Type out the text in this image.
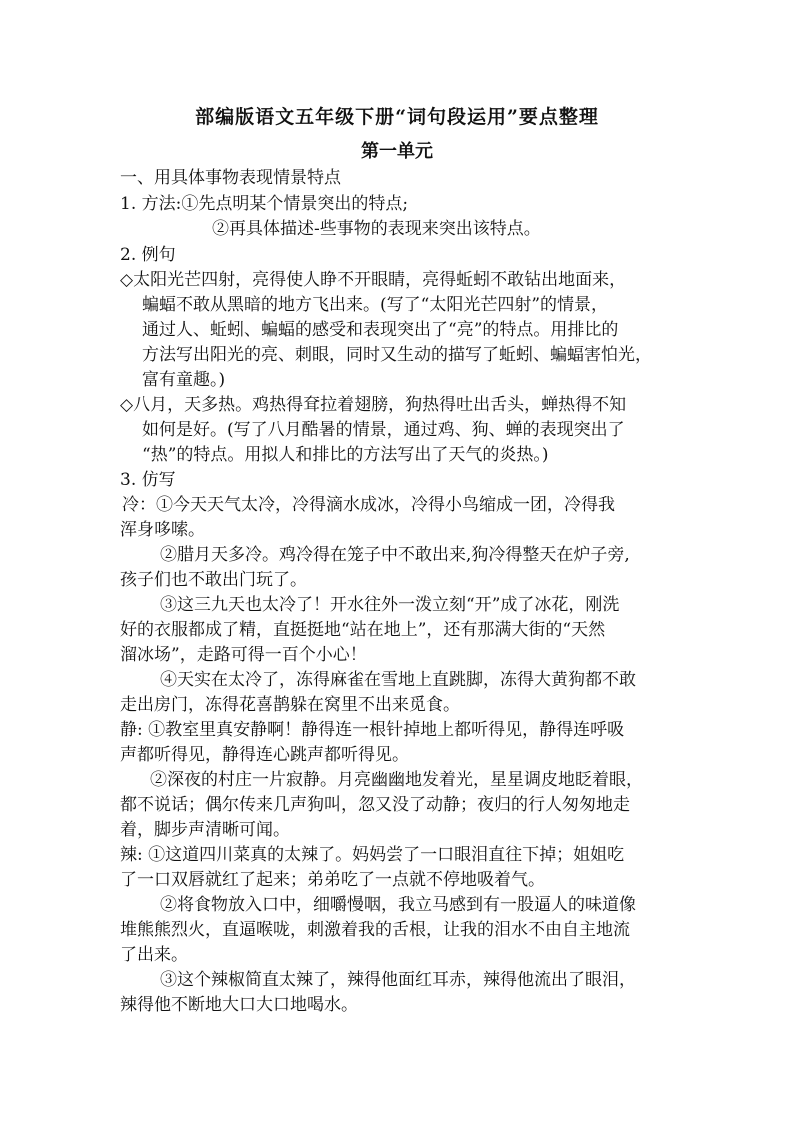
部编版语文五年级下册“词句段运用”要点整理
第一单元
一、用具体事物表现情景特点
1. 方法:①先点明某个情景突出的特点;
②再具体描述-些事物的表现来突出该特点。
2. 例句
◇太阳光芒四射，亮得使人睁不开眼睛，亮得蚯蚓不敢钻出地面来，
蝙蝠不敢从黑暗的地方飞出来。(写了“太阳光芒四射”的情景，
通过人、蚯蚓、蝙蝠的感受和表现突出了“亮”的特点。用排比的
方法写出阳光的亮、刺眼，同时又生动的描写了蚯蚓、蝙蝠害怕光，
富有童趣。)
◇八月，天多热。鸡热得耷拉着翅膀，狗热得吐出舌头，蝉热得不知
如何是好。(写了八月酷暑的情景，通过鸡、狗、蝉的表现突出了
“热”的特点。用拟人和排比的方法写出了天气的炎热。)
3. 仿写
冷：①今天天气太冷，冷得滴水成冰，冷得小鸟缩成一团，冷得我
浑身哆嗦。
②腊月天多冷。鸡冷得在笼子中不敢出来,狗冷得整天在炉子旁,
孩子们也不敢出门玩了。
③这三九天也太冷了！开水往外一泼立刻“开”成了冰花，刚洗
好的衣服都成了精，直挺挺地“站在地上”，还有那满大街的“天然
溜冰场”，走路可得一百个小心！
④天实在太冷了，冻得麻雀在雪地上直跳脚，冻得大黄狗都不敢
走出房门，冻得花喜鹊躲在窝里不出来觅食。
静: ①教室里真安静啊！静得连一根针掉地上都听得见，静得连呼吸
声都听得见，静得连心跳声都听得见。
②深夜的村庄一片寂静。月亮幽幽地发着光，星星调皮地眨着眼，
都不说话；偶尔传来几声狗叫，忽又没了动静；夜归的行人匆匆地走
着，脚步声清晰可闻。
辣: ①这道四川菜真的太辣了。妈妈尝了一口眼泪直往下掉；姐姐吃
了一口双唇就红了起来；弟弟吃了一点就不停地吸着气。
②将食物放入口中，细嚼慢咽，我立马感到有一股逼人的味道像
堆熊熊烈火，直逼喉咙，刺激着我的舌根，让我的泪水不由自主地流
了出来。
③这个辣椒简直太辣了，辣得他面红耳赤，辣得他流出了眼泪，
辣得他不断地大口大口地喝水。
